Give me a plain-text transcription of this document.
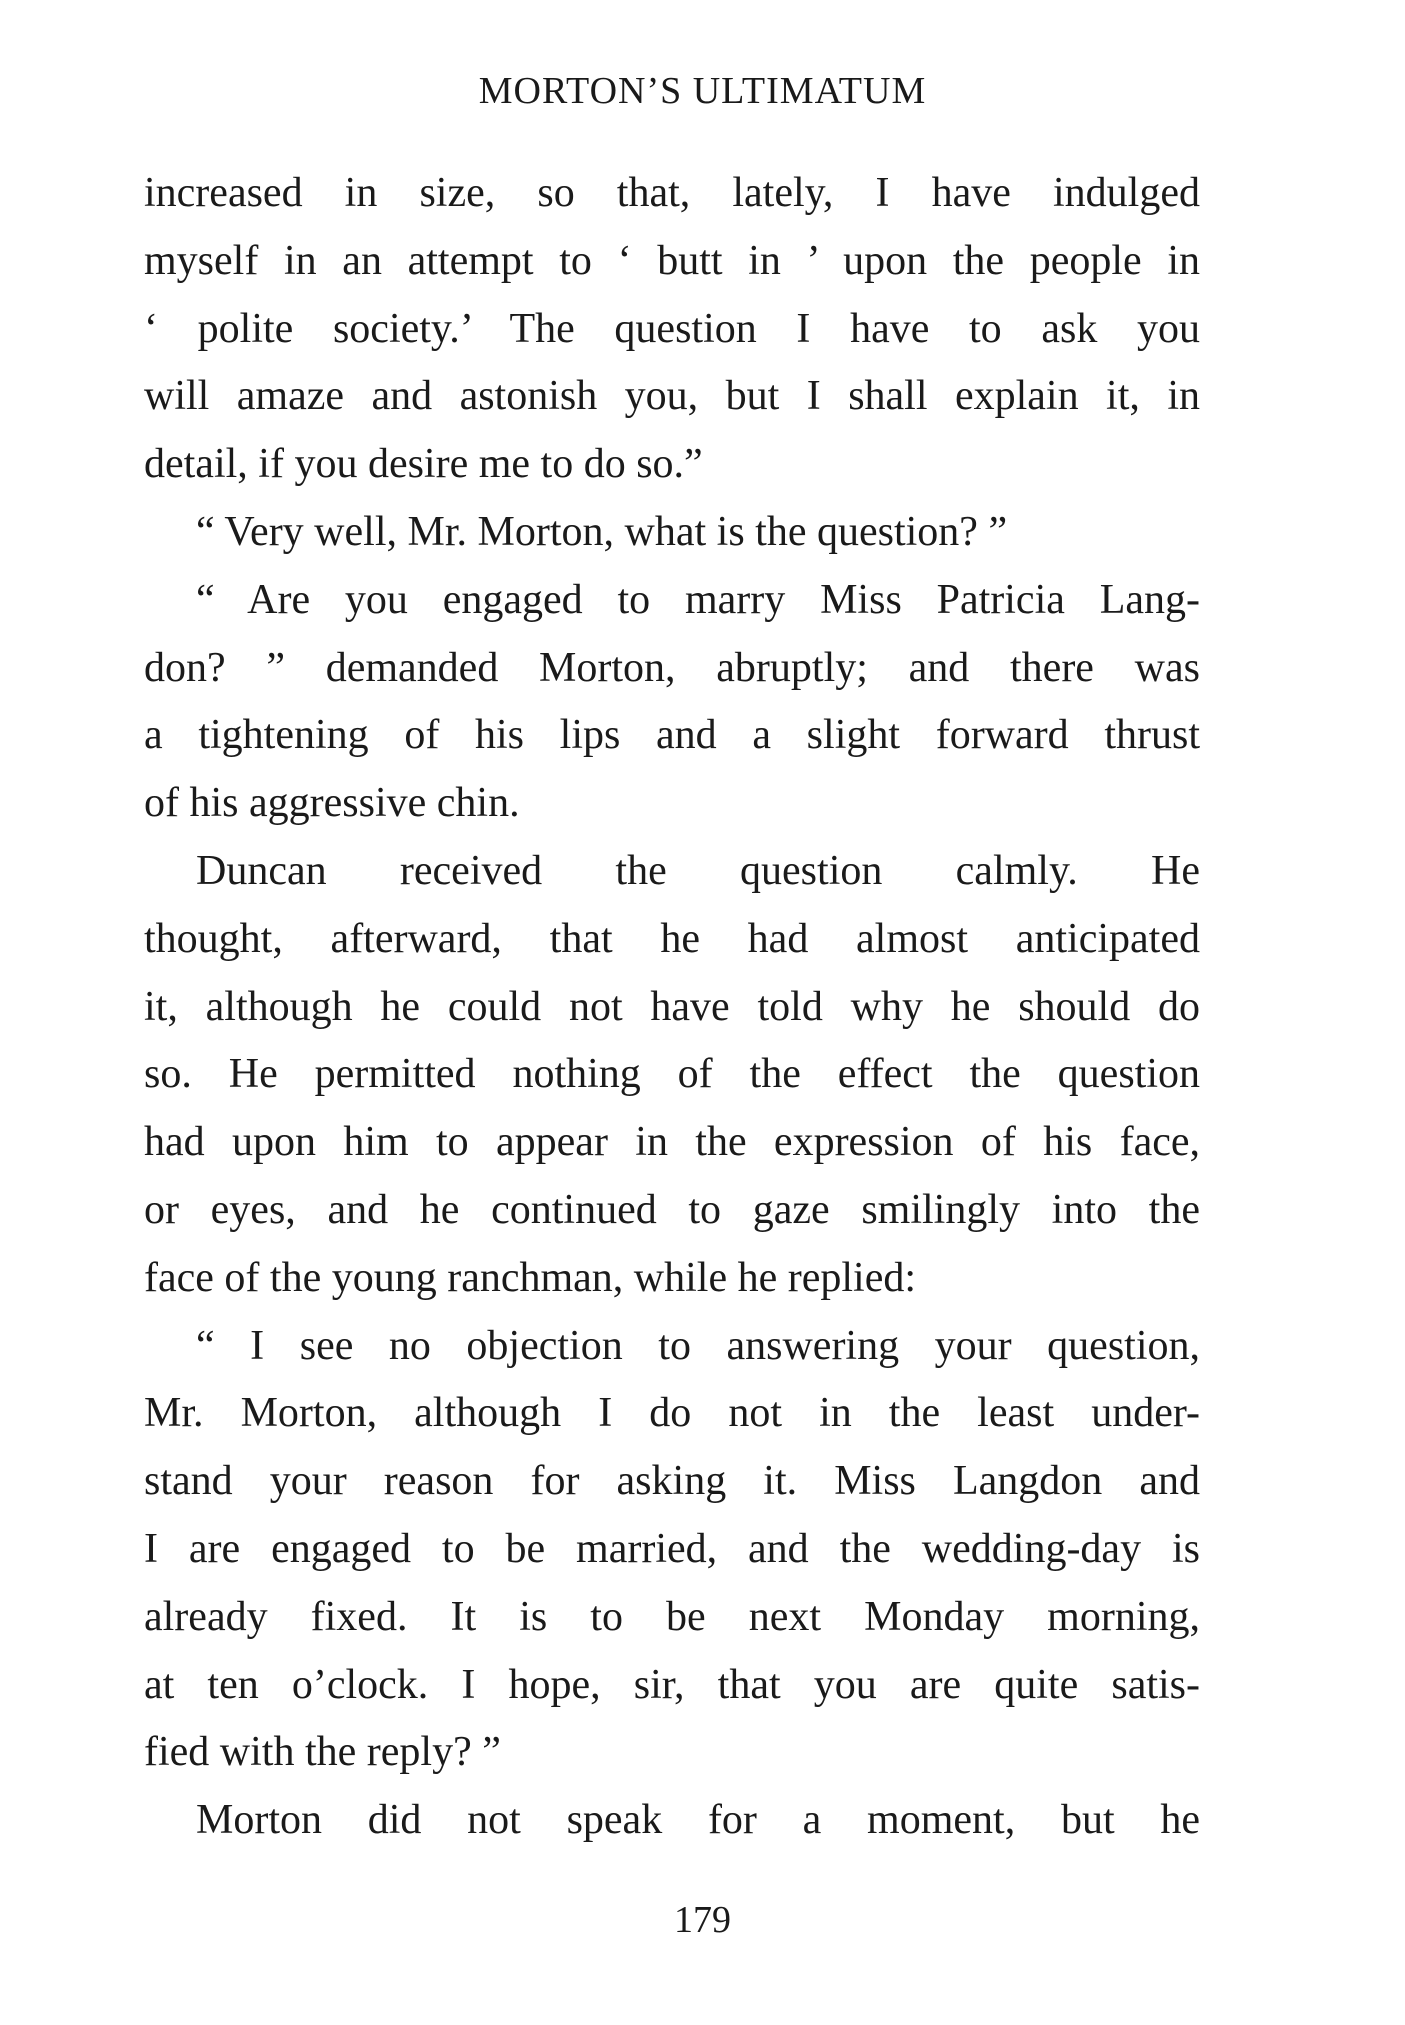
MORTON’S ULTIMATUM
increased in size, so that, lately, I have indulged
myself in an attempt to ‘ butt in ’ upon the people in
‘ polite society.’ The question I have to ask you
will amaze and astonish you, but I shall explain it, in
detail, if you desire me to do so.”
“ Very well, Mr. Morton, what is the question? ”
“ Are you engaged to marry Miss Patricia Lang-
don? ” demanded Morton, abruptly; and there was
a tightening of his lips and a slight forward thrust
of his aggressive chin.
Duncan received the question calmly. He
thought, afterward, that he had almost anticipated
it, although he could not have told why he should do
so. He permitted nothing of the effect the question
had upon him to appear in the expression of his face,
or eyes, and he continued to gaze smilingly into the
face of the young ranchman, while he replied:
“ I see no objection to answering your question,
Mr. Morton, although I do not in the least under-
stand your reason for asking it. Miss Langdon and
I are engaged to be married, and the wedding-day is
already fixed. It is to be next Monday morning,
at ten o’clock. I hope, sir, that you are quite satis-
fied with the reply? ”
Morton did not speak for a moment, but he
179
